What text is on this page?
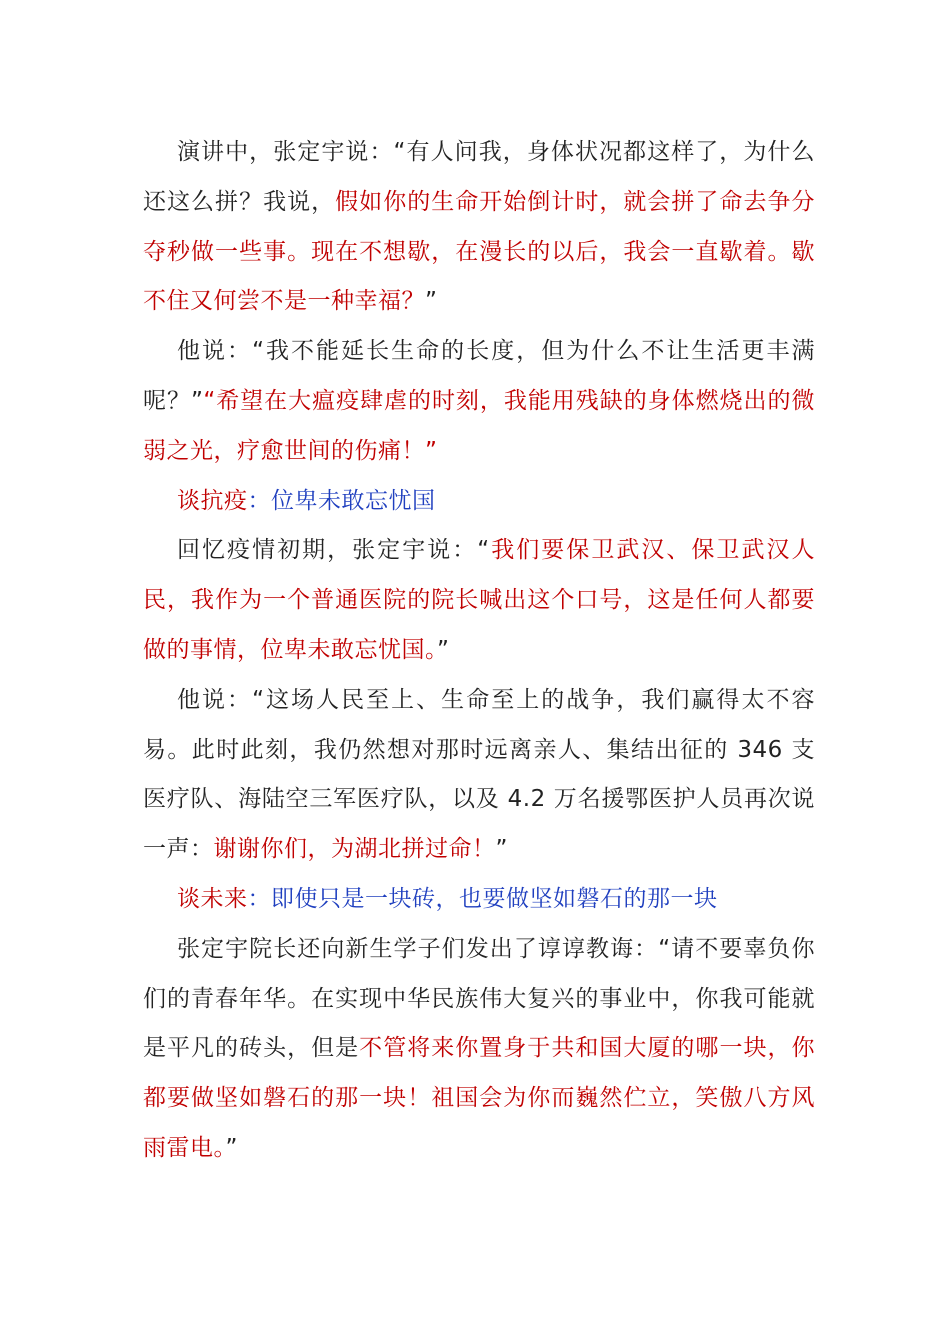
演讲中，张定宇说：“有人问我，身体状况都这样了，为什么还这么拼？我说，假如你的生命开始倒计时，就会拼了命去争分夺秒做一些事。现在不想歇，在漫长的以后，我会一直歇着。歇不住又何尝不是一种幸福？”

他说：“我不能延长生命的长度，但为什么不让生活更丰满呢？”“希望在大瘟疫肆虐的时刻，我能用残缺的身体燃烧出的微弱之光，疗愈世间的伤痛！”

谈抗疫：位卑未敢忘忧国

回忆疫情初期，张定宇说：“我们要保卫武汉、保卫武汉人民，我作为一个普通医院的院长喊出这个口号，这是任何人都要做的事情，位卑未敢忘忧国。”

他说：“这场人民至上、生命至上的战争，我们赢得太不容易。此时此刻，我仍然想对那时远离亲人、集结出征的 346 支医疗队、海陆空三军医疗队，以及 4.2 万名援鄂医护人员再次说一声：谢谢你们，为湖北拼过命！”

谈未来：即使只是一块砖，也要做坚如磐石的那一块

张定宇院长还向新生学子们发出了谆谆教诲：“请不要辜负你们的青春年华。在实现中华民族伟大复兴的事业中，你我可能就是平凡的砖头，但是不管将来你置身于共和国大厦的哪一块，你都要做坚如磐石的那一块！祖国会为你而巍然伫立，笑傲八方风雨雷电。”
